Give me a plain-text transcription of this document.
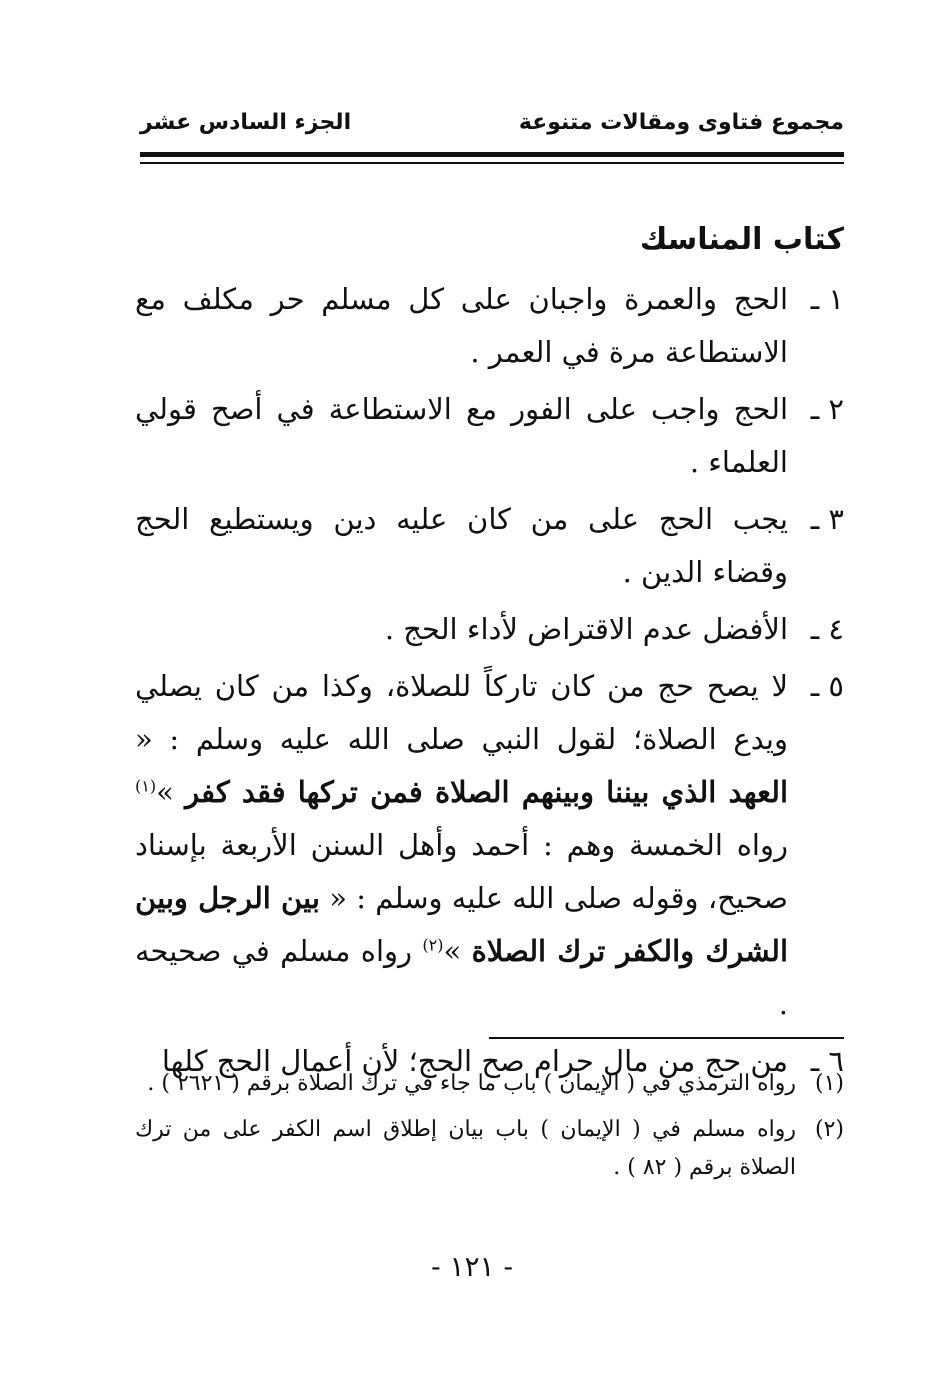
مجموع فتاوى ومقالات متنوعة
الجزء السادس عشر
كتاب المناسك
١ ـ
الحج والعمرة واجبان على كل مسلم حر مكلف مع الاستطاعة مرة في العمر .
٢ ـ
الحج واجب على الفور مع الاستطاعة في أصح قولي العلماء .
٣ ـ
يجب الحج على من كان عليه دين ويستطيع الحج وقضاء الدين .
٤ ـ
الأفضل عدم الاقتراض لأداء الحج .
٥ ـ
لا يصح حج من كان تاركاً للصلاة، وكذا من كان يصلي ويدع الصلاة؛ لقول النبي صلى الله عليه وسلم : « العهد الذي بيننا وبينهم الصلاة فمن تركها فقد كفر »$^{(١)}$ رواه الخمسة وهم : أحمد وأهل السنن الأربعة بإسناد صحيح، وقوله صلى الله عليه وسلم : « بين الرجل وبين الشرك والكفر ترك الصلاة »$^{(٢)}$ رواه مسلم في صحيحه .
٦ ـ
من حج من مال حرام صح الحج؛ لأن أعمال الحج كلها
(١)
رواه الترمذي في ( الإيمان ) باب ما جاء في ترك الصلاة برقم ( ٢٦٢١ ) .
(٢)
رواه مسلم في ( الإيمان ) باب بيان إطلاق اسم الكفر على من ترك الصلاة برقم ( ٨٢ ) .
- ١٢١ -
